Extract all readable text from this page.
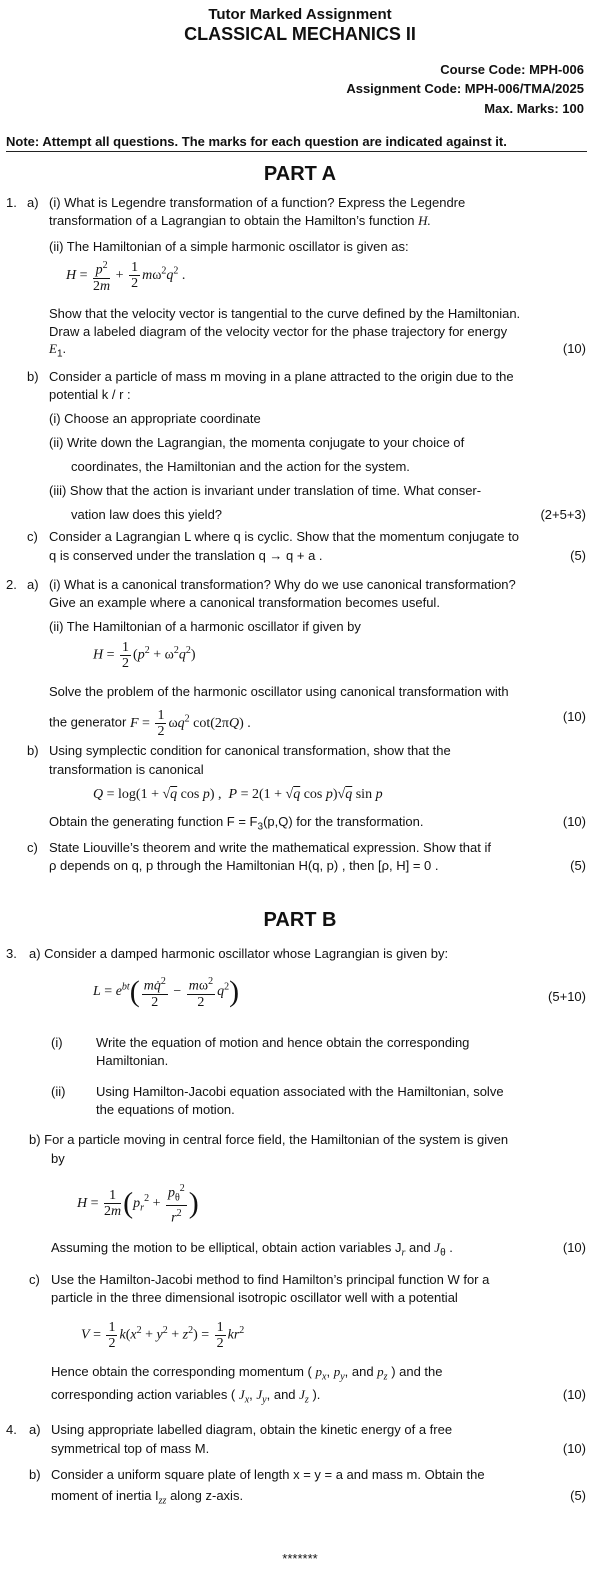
Tutor Marked Assignment
CLASSICAL MECHANICS II
Course Code: MPH-006
Assignment Code: MPH-006/TMA/2025
Max. Marks: 100
Note: Attempt all questions. The marks for each question are indicated against it.
PART A
1. a) (i) What is Legendre transformation of a function? Express the Legendre
transformation of a Lagrangian to obtain the Hamilton’s function H.
(ii) The Hamiltonian of a simple harmonic oscillator is given as:
$H = \frac{p^2}{2m} + \frac{1}{2} m\omega^2q^2$ .
Show that the velocity vector is tangential to the curve defined by the Hamiltonian.
Draw a labeled diagram of the velocity vector for the phase trajectory for energy
$E_1$.	(10)
b) Consider a particle of mass m moving in a plane attracted to the origin due to the
potential k / r :
(i) Choose an appropriate coordinate
(ii) Write down the Lagrangian, the momenta conjugate to your choice of
coordinates, the Hamiltonian and the action for the system.
(iii) Show that the action is invariant under translation of time. What conser-
vation law does this yield?	(2+5+3)
c) Consider a Lagrangian L where q is cyclic. Show that the momentum conjugate to
q is conserved under the translation q → q + a .	(5)
2. a) (i) What is a canonical transformation? Why do we use canonical transformation?
Give an example where a canonical transformation becomes useful.
(ii) The Hamiltonian of a harmonic oscillator if given by
$H = \frac{1}{2} (p^2 + \omega^2q^2)$
Solve the problem of the harmonic oscillator using canonical transformation with
the generator $F = \frac{1}{2} \omega q^2$ cot(2πQ) .	(10)
b) Using symplectic condition for canonical transformation, show that the
transformation is canonical
Q = log(1 + √q cos p) ,  P = 2(1 + √q cos p)√q sin p
Obtain the generating function $F = F_3(p,Q)$ for the transformation.	(10)
c) State Liouville’s theorem and write the mathematical expression. Show that if
ρ depends on q, p through the Hamiltonian H(q, p) , then [ρ, H] = 0 .	(5)
PART B
3. a) Consider a damped harmonic oscillator whose Lagrangian is given by:
$L = e^{bt}( \frac{mq̇^2}{2} - \frac{m\omega^2}{2} q^2)$	(5+10)
(i)	Write the equation of motion and hence obtain the corresponding
Hamiltonian.
(ii) Using Hamilton-Jacobi equation associated with the Hamiltonian, solve
the equations of motion.
b) For a particle moving in central force field, the Hamiltonian of the system is given
by
$H = \frac{1}{2m} (p_r^2 + \frac{p_\theta^2}{r^2}$ )
Assuming the motion to be elliptical, obtain action variables $J_r$ and $J_\theta$ .	(10)
c) Use the Hamilton-Jacobi method to find Hamilton’s principal function W for a
particle in the three dimensional isotropic oscillator well with a potential
$V = \frac{1}{2} k(x^2 + y^2 + z^2) = \frac{1}{2} kr^2$
Hence obtain the corresponding momentum ( $p_x$, $p_y$, and $p_z$ ) and the
corresponding action variables ( $J_x$, $J_y$, and $J_z$ ).	(10)
4. a) Using appropriate labelled diagram, obtain the kinetic energy of a free
symmetrical top of mass M.	(10)
b) Consider a uniform square plate of length x = y = a and mass m. Obtain the
moment of inertia $I_{zz}$ along z-axis.	(5)
*******
